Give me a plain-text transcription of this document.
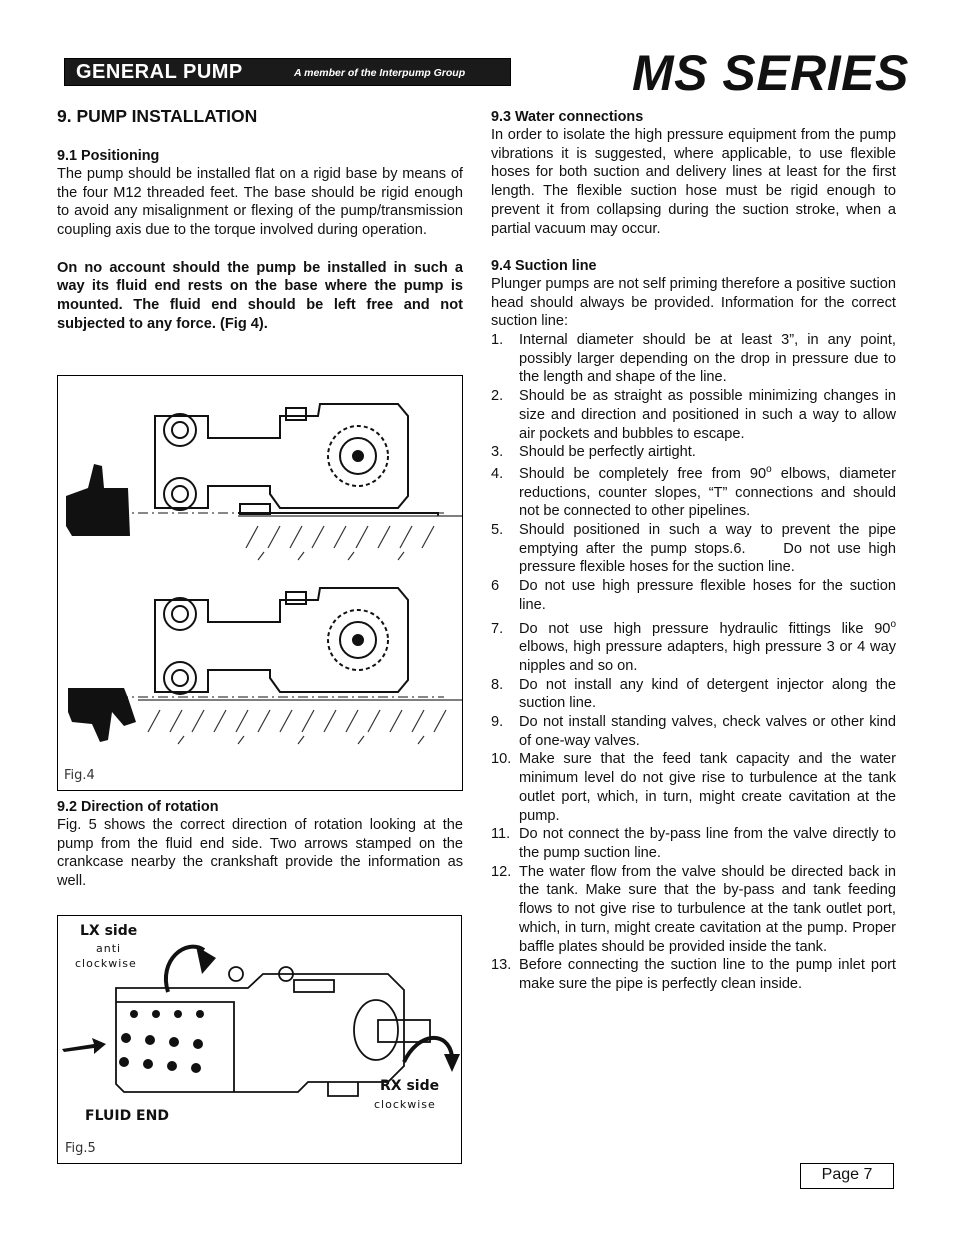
GENERAL PUMP	A member of the Interpump Group	MS SERIES
9. PUMP INSTALLATION
9.1 Positioning
The pump should be installed flat on a rigid base by means of the four M12 threaded feet. The base should be rigid enough to avoid any misalignment or flexing of the pump/transmission coupling axis due to the torque involved during operation.
On no account should the pump be installed in such a way its fluid end rests on the base where the pump is mounted. The fluid end should be left free and not subjected to any force. (Fig 4).
Fig.4
9.2 Direction of rotation
Fig. 5 shows the correct direction of rotation looking at the pump from the fluid end side. Two arrows stamped on the crankcase nearby the crankshaft provide the information as well.
LX side
anti
clockwise
RX side
clockwise
FLUID END
Fig.5
9.3 Water connections
In order to isolate the high pressure equipment from the pump vibrations it is suggested, where applicable, to use flexible hoses for both suction and delivery lines at least for the first length. The flexible suction hose must be rigid enough to prevent it from collapsing during the suction stroke, when a partial vacuum may occur.
9.4 Suction line
Plunger pumps are not self priming therefore a positive suction head should always be provided. Information for the correct suction line:
1. Internal diameter should be at least 3”, in any point, possibly larger depending on the drop in pressure due to the length and shape of the line.
2. Should be as straight as possible minimizing changes in size and direction and positioned in such a way to allow air pockets and bubbles to escape.
3. Should be perfectly airtight.
4. Should be completely free from 90$^o$ elbows, diameter reductions, counter slopes, “T” connections and should not be connected to other pipelines.
5. Should positioned in such a way to prevent the pipe emptying after the pump stops.6.     Do not use high pressure flexible hoses for the suction line.
6 Do not use high pressure flexible hoses for the suction line.
7. Do not use high pressure hydraulic fittings like 90$^o$ elbows, high pressure adapters, high pressure 3 or 4 way nipples and so on.
8. Do not install any kind of detergent injector along the suction line.
9. Do not install standing valves, check valves or other kind of one-way valves.
10. Make sure that the feed tank capacity and the water minimum level do not give rise to turbulence at the tank outlet port, which, in turn, might create cavitation at the pump.
11. Do not connect the by-pass line from the valve directly to the pump suction line.
12. The water flow from the valve should be directed back in the tank. Make sure that the by-pass and tank feeding flows to not give rise to turbulence at the tank outlet port, which, in turn, might create cavitation at the pump. Proper baffle plates should be provided inside the tank.
13. Before connecting the suction line to the pump inlet port make sure the pipe is perfectly clean inside.
Page 7
